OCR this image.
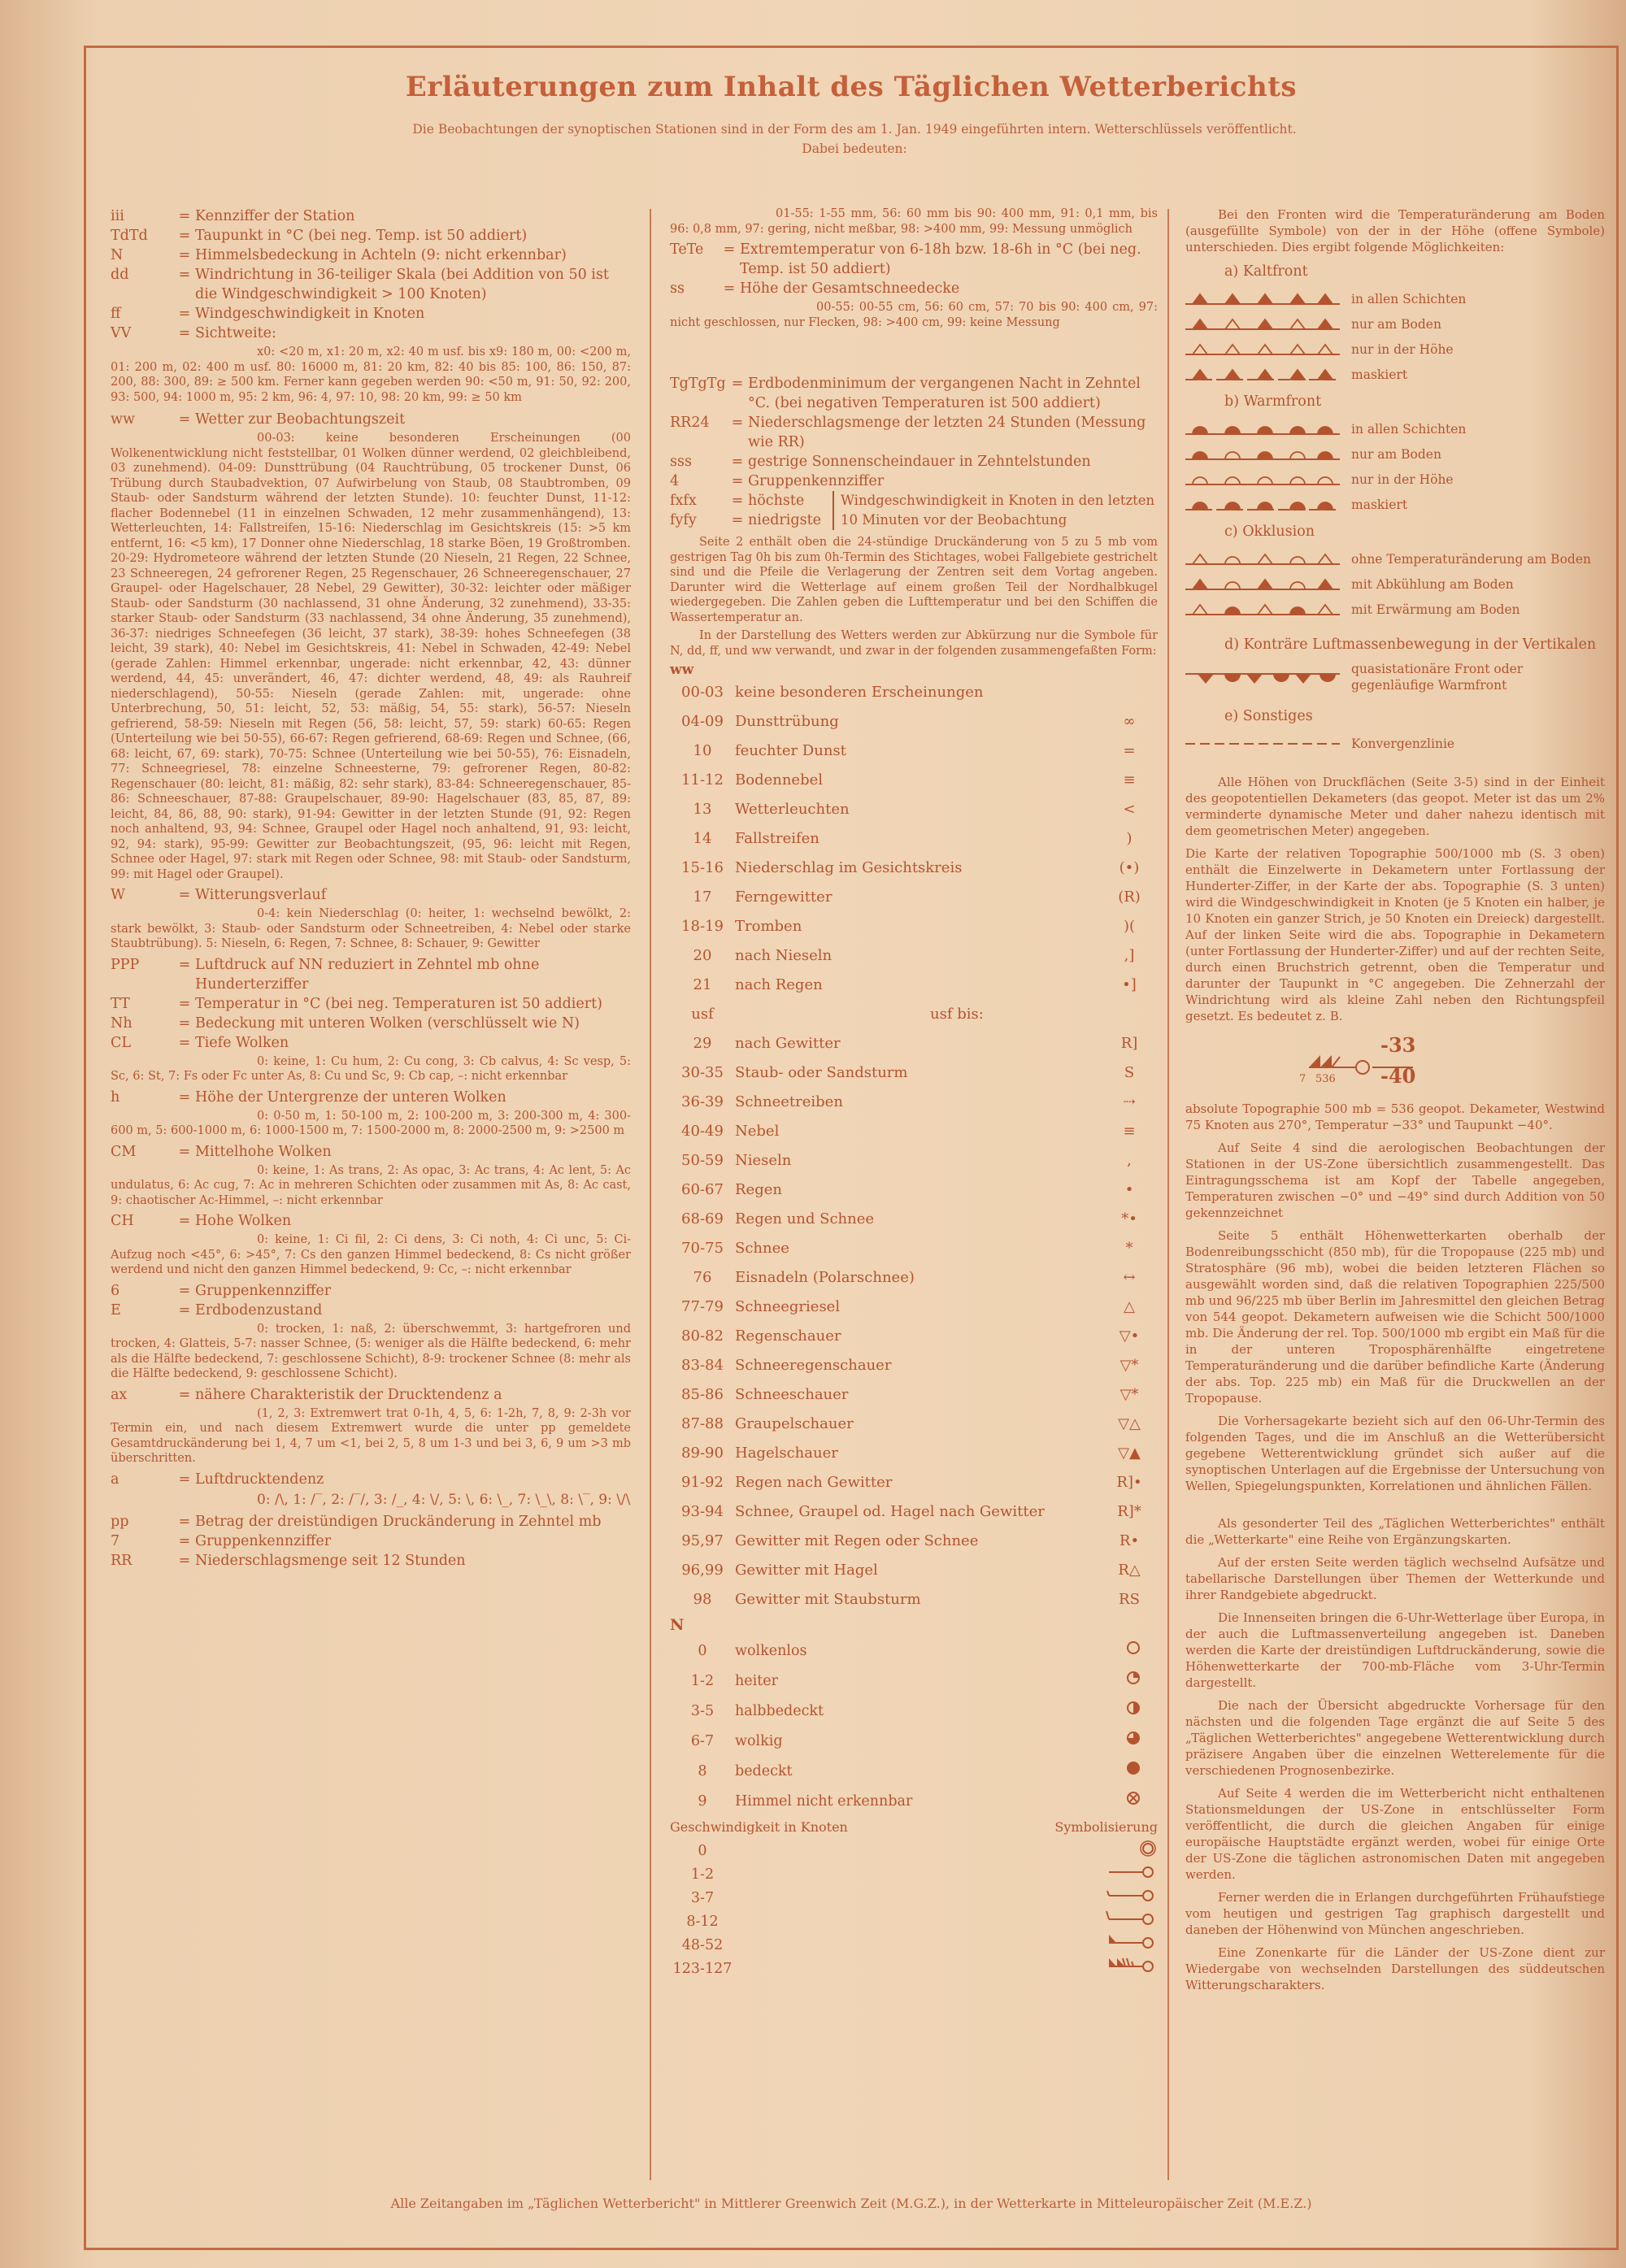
Erläuterungen zum Inhalt des Täglichen Wetterberichts
Die Beobachtungen der synoptischen Stationen sind in der Form des am 1. Jan. 1949 eingeführten intern. Wetterschlüssels veröffentlicht.
Dabei bedeuten:
iii	= Kennziffer der Station
TdTd	= Taupunkt in °C (bei neg. Temp. ist 50 addiert)
N	= Himmelsbedeckung in Achteln (9: nicht erkennbar)
dd	= Windrichtung in 36-teiliger Skala (bei Addition von 50 ist die Windgeschwindigkeit > 100 Knoten)
ff	= Windgeschwindigkeit in Knoten
VV	= Sichtweite:
x0: <20 m, x1: 20 m, x2: 40 m usf. bis x9: 180 m, 00: <200 m, 01: 200 m, 02: 400 m usf. 80: 16000 m, 81: 20 km, 82: 40 bis 85: 100, 86: 150, 87: 200, 88: 300, 89: ≥ 500 km. Ferner kann gegeben werden 90: <50 m, 91: 50, 92: 200, 93: 500, 94: 1000 m, 95: 2 km, 96: 4, 97: 10, 98: 20 km, 99: ≥ 50 km
ww	= Wetter zur Beobachtungszeit
00-03: keine besonderen Erscheinungen (00 Wolkenentwicklung nicht feststellbar, 01 Wolken dünner werdend, 02 gleichbleibend, 03 zunehmend). 04-09: Dunsttrübung (04 Rauchtrübung, 05 trockener Dunst, 06 Trübung durch Staubadvektion, 07 Aufwirbelung von Staub, 08 Staubtromben, 09 Staub- oder Sandsturm während der letzten Stunde). 10: feuchter Dunst, 11-12: flacher Bodennebel (11 in einzelnen Schwaden, 12 mehr zusammenhängend), 13: Wetterleuchten, 14: Fallstreifen, 15-16: Niederschlag im Gesichtskreis (15: >5 km entfernt, 16: <5 km), 17 Donner ohne Niederschlag, 18 starke Böen, 19 Großtromben. 20-29: Hydrometeore während der letzten Stunde (20 Nieseln, 21 Regen, 22 Schnee, 23 Schneeregen, 24 gefrorener Regen, 25 Regenschauer, 26 Schneeregenschauer, 27 Graupel- oder Hagelschauer, 28 Nebel, 29 Gewitter), 30-32: leichter oder mäßiger Staub- oder Sandsturm (30 nachlassend, 31 ohne Änderung, 32 zunehmend), 33-35: starker Staub- oder Sandsturm (33 nachlassend, 34 ohne Änderung, 35 zunehmend), 36-37: niedriges Schneefegen (36 leicht, 37 stark), 38-39: hohes Schneefegen (38 leicht, 39 stark), 40: Nebel im Gesichtskreis, 41: Nebel in Schwaden, 42-49: Nebel (gerade Zahlen: Himmel erkennbar, ungerade: nicht erkennbar, 42, 43: dünner werdend, 44, 45: unverändert, 46, 47: dichter werdend, 48, 49: als Rauhreif niederschlagend), 50-55: Nieseln (gerade Zahlen: mit, ungerade: ohne Unterbrechung, 50, 51: leicht, 52, 53: mäßig, 54, 55: stark), 56-57: Nieseln gefrierend, 58-59: Nieseln mit Regen (56, 58: leicht, 57, 59: stark) 60-65: Regen (Unterteilung wie bei 50-55), 66-67: Regen gefrierend, 68-69: Regen und Schnee, (66, 68: leicht, 67, 69: stark), 70-75: Schnee (Unterteilung wie bei 50-55), 76: Eisnadeln, 77: Schneegriesel, 78: einzelne Schneesterne, 79: gefrorener Regen, 80-82: Regenschauer (80: leicht, 81: mäßig, 82: sehr stark), 83-84: Schneeregenschauer, 85-86: Schneeschauer, 87-88: Graupelschauer, 89-90: Hagelschauer (83, 85, 87, 89: leicht, 84, 86, 88, 90: stark), 91-94: Gewitter in der letzten Stunde (91, 92: Regen noch anhaltend, 93, 94: Schnee, Graupel oder Hagel noch anhaltend, 91, 93: leicht, 92, 94: stark), 95-99: Gewitter zur Beobachtungszeit, (95, 96: leicht mit Regen, Schnee oder Hagel, 97: stark mit Regen oder Schnee, 98: mit Staub- oder Sandsturm, 99: mit Hagel oder Graupel).
W	= Witterungsverlauf
0-4: kein Niederschlag (0: heiter, 1: wechselnd bewölkt, 2: stark bewölkt, 3: Staub- oder Sandsturm oder Schneetreiben, 4: Nebel oder starke Staubtrübung). 5: Nieseln, 6: Regen, 7: Schnee, 8: Schauer, 9: Gewitter
PPP	= Luftdruck auf NN reduziert in Zehntel mb ohne Hunderterziffer
TT	= Temperatur in °C (bei neg. Temperaturen ist 50 addiert)
Nh	= Bedeckung mit unteren Wolken (verschlüsselt wie N)
CL	= Tiefe Wolken
0: keine, 1: Cu hum, 2: Cu cong, 3: Cb calvus, 4: Sc vesp, 5: Sc, 6: St, 7: Fs oder Fc unter As, 8: Cu und Sc, 9: Cb cap, –: nicht erkennbar
h	= Höhe der Untergrenze der unteren Wolken
0: 0-50 m, 1: 50-100 m, 2: 100-200 m, 3: 200-300 m, 4: 300-600 m, 5: 600-1000 m, 6: 1000-1500 m, 7: 1500-2000 m, 8: 2000-2500 m, 9: >2500 m
CM	= Mittelhohe Wolken
0: keine, 1: As trans, 2: As opac, 3: Ac trans, 4: Ac lent, 5: Ac undulatus, 6: Ac cug, 7: Ac in mehreren Schichten oder zusammen mit As, 8: Ac cast, 9: chaotischer Ac-Himmel, –: nicht erkennbar
CH	= Hohe Wolken
0: keine, 1: Ci fil, 2: Ci dens, 3: Ci noth, 4: Ci unc, 5: Ci-Aufzug noch <45°, 6: >45°, 7: Cs den ganzen Himmel bedeckend, 8: Cs nicht größer werdend und nicht den ganzen Himmel bedeckend, 9: Cc, –: nicht erkennbar
6	= Gruppenkennziffer
E	= Erdbodenzustand
0: trocken, 1: naß, 2: überschwemmt, 3: hartgefroren und trocken, 4: Glatteis, 5-7: nasser Schnee, (5: weniger als die Hälfte bedeckend, 6: mehr als die Hälfte bedeckend, 7: geschlossene Schicht), 8-9: trockener Schnee (8: mehr als die Hälfte bedeckend, 9: geschlossene Schicht).
ax	= nähere Charakteristik der Drucktendenz a
(1, 2, 3: Extremwert trat 0-1h, 4, 5, 6: 1-2h, 7, 8, 9: 2-3h vor Termin ein, und nach diesem Extremwert wurde die unter pp gemeldete Gesamtdruckänderung bei 1, 4, 7 um <1, bei 2, 5, 8 um 1-3 und bei 3, 6, 9 um >3 mb überschritten.
a	= Luftdrucktendenz
0: /\, 1: /‾, 2: /‾/, 3: /_, 4: \/, 5: \, 6: \_, 7: \_\, 8: \‾, 9: \/\
pp	= Betrag der dreistündigen Druckänderung in Zehntel mb
7	= Gruppenkennziffer
RR	= Niederschlagsmenge seit 12 Stunden
01-55: 1-55 mm, 56: 60 mm bis 90: 400 mm, 91: 0,1 mm, bis 96: 0,8 mm, 97: gering, nicht meßbar, 98: >400 mm, 99: Messung unmöglich
TeTe	= Extremtemperatur von 6-18h bzw. 18-6h in °C (bei neg. Temp. ist 50 addiert)
ss	= Höhe der Gesamtschneedecke
00-55: 00-55 cm, 56: 60 cm, 57: 70 bis 90: 400 cm, 97: nicht geschlossen, nur Flecken, 98: >400 cm, 99: keine Messung
TgTgTg = Erdbodenminimum der vergangenen Nacht in Zehntel °C. (bei negativen Temperaturen ist 500 addiert)
RR24	= Niederschlagsmenge der letzten 24 Stunden (Messung wie RR)
sss	= gestrige Sonnenscheindauer in Zehntelstunden
4	= Gruppenkennziffer
fxfx	= höchste
fyfy	= niedrigste
Windgeschwindigkeit in Knoten in den letzten 10 Minuten vor der Beobachtung
Seite 2 enthält oben die 24-stündige Druckänderung von 5 zu 5 mb vom gestrigen Tag 0h bis zum 0h-Termin des Stichtages, wobei Fallgebiete gestrichelt sind und die Pfeile die Verlagerung der Zentren seit dem Vortag angeben. Darunter wird die Wetterlage auf einem großen Teil der Nordhalbkugel wiedergegeben. Die Zahlen geben die Lufttemperatur und bei den Schiffen die Wassertemperatur an.
In der Darstellung des Wetters werden zur Abkürzung nur die Symbole für N, dd, ff, und ww verwandt, und zwar in der folgenden zusammengefaßten Form:
ww
00-03 keine besonderen Erscheinungen
04-09 Dunsttrübung	∞
10	feuchter Dunst	=
11-12 Bodennebel	≡
13	Wetterleuchten	<
14	Fallstreifen	)
15-16 Niederschlag im Gesichtskreis	(•)
17	Ferngewitter	(R)
18-19 Tromben	)(
20	nach Nieseln	,]
21	nach Regen	•]
usf	usf bis:
29	nach Gewitter	R]
30-35 Staub- oder Sandsturm	S
36-39 Schneetreiben	⇢
40-49 Nebel	≡
50-59 Nieseln	,
60-67 Regen	•
68-69 Regen und Schnee	*•
70-75 Schnee	*
76	Eisnadeln (Polarschnee)	↔
77-79 Schneegriesel	△
80-82 Regenschauer	▽•
83-84 Schneeregenschauer	▽*
85-86 Schneeschauer	▽*
87-88 Graupelschauer	▽△
89-90 Hagelschauer	▽▲
91-92 Regen nach Gewitter	R]•
93-94 Schnee, Graupel od. Hagel nach Gewitter	R]*
95,97 Gewitter mit Regen oder Schnee	R•
96,99 Gewitter mit Hagel	R△
98	Gewitter mit Staubsturm	RS
N
0	wolkenlos
1-2	heiter
3-5	halbbedeckt
6-7	wolkig
8	bedeckt
9	Himmel nicht erkennbar
Geschwindigkeit in Knoten	Symbolisierung
0
1-2
3-7
8-12
48-52
123-127
Bei den Fronten wird die Temperaturänderung am Boden (ausgefüllte Symbole) von der in der Höhe (offene Symbole) unterschieden. Dies ergibt folgende Möglichkeiten:
a) Kaltfront
in allen Schichten
nur am Boden
nur in der Höhe
maskiert
b) Warmfront
in allen Schichten
nur am Boden
nur in der Höhe
maskiert
c) Okklusion
ohne Temperaturänderung am Boden
mit Abkühlung am Boden
mit Erwärmung am Boden
d) Konträre Luftmassenbewegung in der Vertikalen
quasistationäre Front oder gegenläufige Warmfront
e) Sonstiges
Konvergenzlinie
Alle Höhen von Druckflächen (Seite 3-5) sind in der Einheit des geopotentiellen Dekameters (das geopot. Meter ist das um 2% verminderte dynamische Meter und daher nahezu identisch mit dem geometrischen Meter) angegeben.
Die Karte der relativen Topographie 500/1000 mb (S. 3 oben) enthält die Einzelwerte in Dekametern unter Fortlassung der Hunderter-Ziffer, in der Karte der abs. Topographie (S. 3 unten) wird die Windgeschwindigkeit in Knoten (je 5 Knoten ein halber, je 10 Knoten ein ganzer Strich, je 50 Knoten ein Dreieck) dargestellt. Auf der linken Seite wird die abs. Topographie in Dekametern (unter Fortlassung der Hunderter-Ziffer) und auf der rechten Seite, durch einen Bruchstrich getrennt, oben die Temperatur und darunter der Taupunkt in °C angegeben. Die Zehnerzahl der Windrichtung wird als kleine Zahl neben den Richtungspfeil gesetzt. Es bedeutet z. B.
7 536
-33
-40
absolute Topographie 500 mb = 536 geopot. Dekameter, Westwind 75 Knoten aus 270°, Temperatur −33° und Taupunkt −40°.
Auf Seite 4 sind die aerologischen Beobachtungen der Stationen in der US-Zone übersichtlich zusammengestellt. Das Eintragungsschema ist am Kopf der Tabelle angegeben, Temperaturen zwischen −0° und −49° sind durch Addition von 50 gekennzeichnet
Seite 5 enthält Höhenwetterkarten oberhalb der Bodenreibungsschicht (850 mb), für die Tropopause (225 mb) und Stratosphäre (96 mb), wobei die beiden letzteren Flächen so ausgewählt worden sind, daß die relativen Topographien 225/500 mb und 96/225 mb über Berlin im Jahresmittel den gleichen Betrag von 544 geopot. Dekametern aufweisen wie die Schicht 500/1000 mb. Die Änderung der rel. Top. 500/1000 mb ergibt ein Maß für die in der unteren Troposphärenhälfte eingetretene Temperaturänderung und die darüber befindliche Karte (Änderung der abs. Top. 225 mb) ein Maß für die Druckwellen an der Tropopause.
Die Vorhersagekarte bezieht sich auf den 06-Uhr-Termin des folgenden Tages, und die im Anschluß an die Wetterübersicht gegebene Wetterentwicklung gründet sich außer auf die synoptischen Unterlagen auf die Ergebnisse der Untersuchung von Wellen, Spiegelungspunkten, Korrelationen und ähnlichen Fällen.
Als gesonderter Teil des „Täglichen Wetterberichtes" enthält die „Wetterkarte" eine Reihe von Ergänzungskarten.
Auf der ersten Seite werden täglich wechselnd Aufsätze und tabellarische Darstellungen über Themen der Wetterkunde und ihrer Randgebiete abgedruckt.
Die Innenseiten bringen die 6-Uhr-Wetterlage über Europa, in der auch die Luftmassenverteilung angegeben ist. Daneben werden die Karte der dreistündigen Luftdruckänderung, sowie die Höhenwetterkarte der 700-mb-Fläche vom 3-Uhr-Termin dargestellt.
Die nach der Übersicht abgedruckte Vorhersage für den nächsten und die folgenden Tage ergänzt die auf Seite 5 des „Täglichen Wetterberichtes" angegebene Wetterentwicklung durch präzisere Angaben über die einzelnen Wetterelemente für die verschiedenen Prognosenbezirke.
Auf Seite 4 werden die im Wetterbericht nicht enthaltenen Stationsmeldungen der US-Zone in entschlüsselter Form veröffentlicht, die durch die gleichen Angaben für einige europäische Hauptstädte ergänzt werden, wobei für einige Orte der US-Zone die täglichen astronomischen Daten mit angegeben werden.
Ferner werden die in Erlangen durchgeführten Frühaufstiege vom heutigen und gestrigen Tag graphisch dargestellt und daneben der Höhenwind von München angeschrieben.
Eine Zonenkarte für die Länder der US-Zone dient zur Wiedergabe von wechselnden Darstellungen des süddeutschen Witterungscharakters.
Alle Zeitangaben im „Täglichen Wetterbericht" in Mittlerer Greenwich Zeit (M.G.Z.), in der Wetterkarte in Mitteleuropäischer Zeit (M.E.Z.)
